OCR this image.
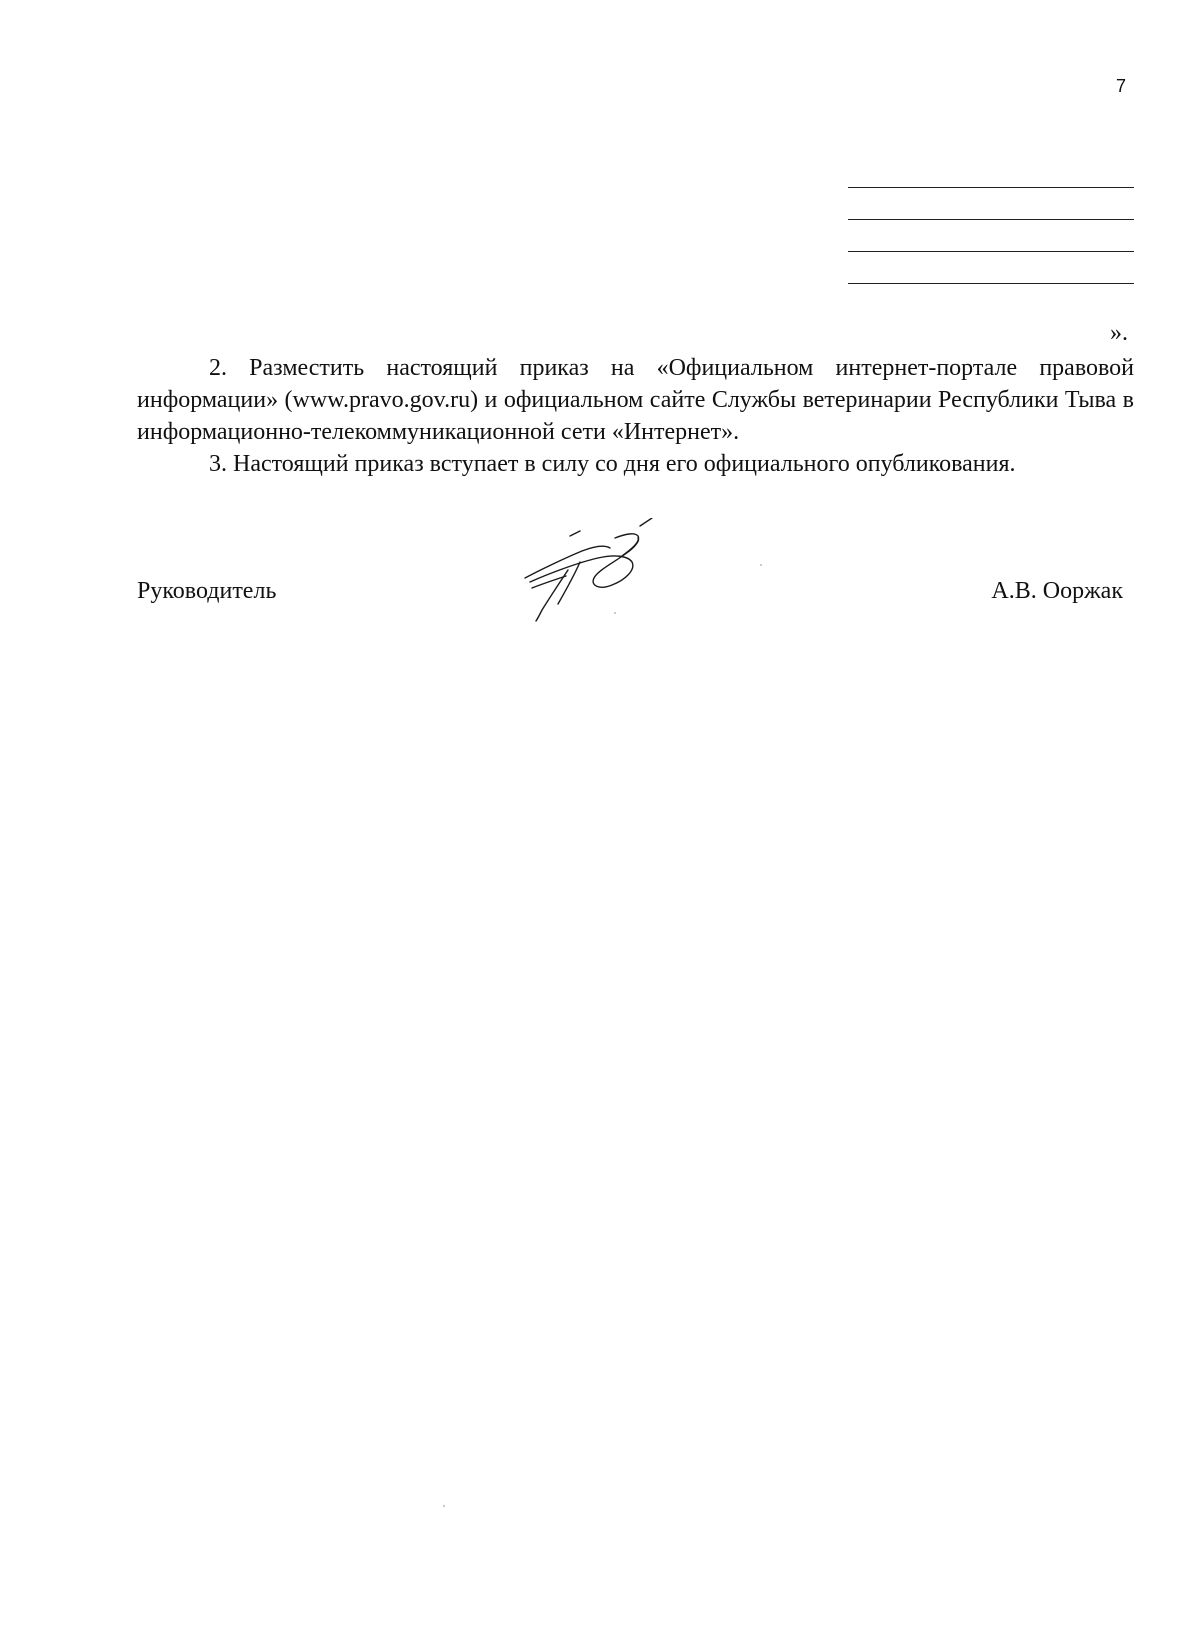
7
».

2. Разместить настоящий приказ на «Официальном интернет-портале правовой информации» (www.pravo.gov.ru) и официальном сайте Службы ветеринарии Республики Тыва в информационно-телекоммуникационной сети «Интернет».

3. Настоящий приказ вступает в силу со дня его официального опубликования.

Руководитель	А.В. Ооржак
